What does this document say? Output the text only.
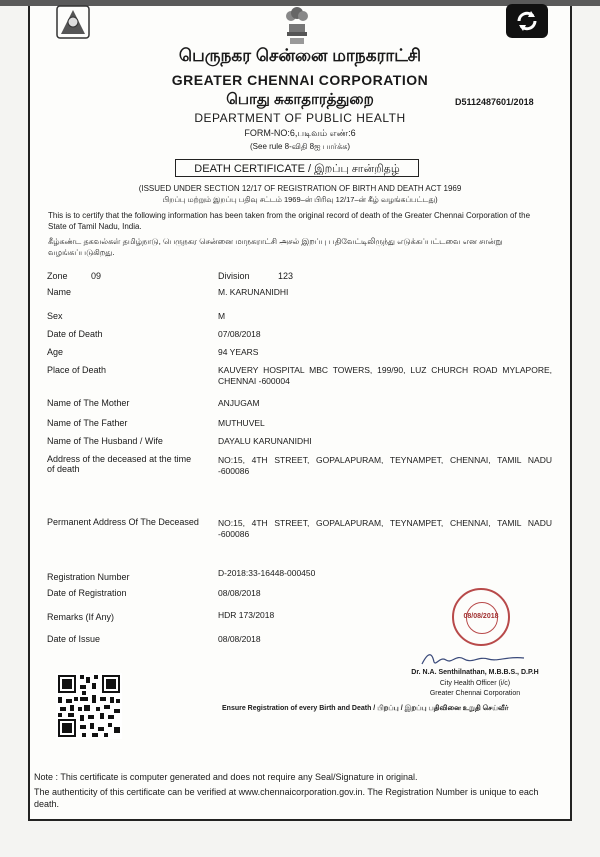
பெருநகர சென்னை மாநகராட்சி
GREATER CHENNAI CORPORATION
பொது சுகாதாரத்துறை	D5112487601/2018
DEPARTMENT OF PUBLIC HEALTH
FORM-NO:6,படிவம் எண்:6
(See rule 8-விதி 8ஐ பார்க்க)
DEATH CERTIFICATE / இறப்பு சான்றிதழ்
(ISSUED UNDER SECTION 12/17 OF REGISTRATION OF BIRTH AND DEATH ACT 1969
பிறப்பு மற்றும் இறப்பு பதிவு சட்டம் 1969–ன் பிரிவு 12/17–ன் கீழ் வழங்கப்பட்டது)
This is to certify that the following information has been taken from the original record of death of the Greater Chennai Corporation of the State of Tamil Nadu, India.
கீழ்கண்ட தகவல்கள் தமிழ்நாடு, பெருநகர சென்னை மாநகராட்சி அசல் இறப்பு பதிவேட்டிலிருந்து எடுக்கப்பட்டவை என சான்று வழங்கப்படுகிறது.
Zone	09	Division	123
Name	M. KARUNANIDHI
Sex	M
Date of Death	07/08/2018
Age	94 YEARS
Place of Death	KAUVERY HOSPITAL MBC TOWERS, 199/90, LUZ CHURCH ROAD MYLAPORE, CHENNAI -600004
Name of The Mother	ANJUGAM
Name of The Father	MUTHUVEL
Name of The Husband / Wife	DAYALU KARUNANIDHI
Address of the deceased at the time
of death
NO:15, 4TH STREET, GOPALAPURAM, TEYNAMPET, CHENNAI, TAMIL NADU -600086
Permanent Address Of The Deceased NO:15, 4TH STREET, GOPALAPURAM, TEYNAMPET, CHENNAI, TAMIL NADU -600086
Registration Number	D-2018:33-16448-000450
Date of Registration	08/08/2018
Remarks (If Any)	HDR 173/2018
Date of Issue	08/08/2018
08/08/2018
Dr. N.A. Senthilnathan, M.B.B.S., D.P.H
City Health Officer (i/c)
Greater Chennai Corporation
Ensure Registration of every Birth and Death / பிறப்பு / இறப்பு பதிவினை உறுதி செய்வீர்
Note : This certificate is computer generated and does not require any Seal/Signature in original.
The authenticity of this certificate can be verified at www.chennaicorporation.gov.in. The Registration Number is unique to each death.
